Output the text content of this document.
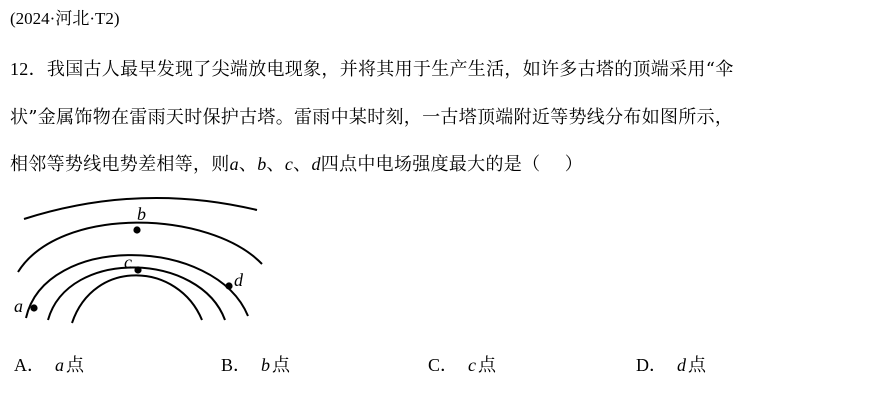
(2024·河北·T2)
12．我国古人最早发现了尖端放电现象，并将其用于生产生活，如许多古塔的顶端采用“伞
状”金属饰物在雷雨天时保护古塔。雷雨中某时刻，一古塔顶端附近等势线分布如图所示，
相邻等势线电势差相等，则a、b、c、d四点中电场强度最大的是（　 ）
a
b
c
d
A． a 点	B． b 点	C． c 点	D． d 点
